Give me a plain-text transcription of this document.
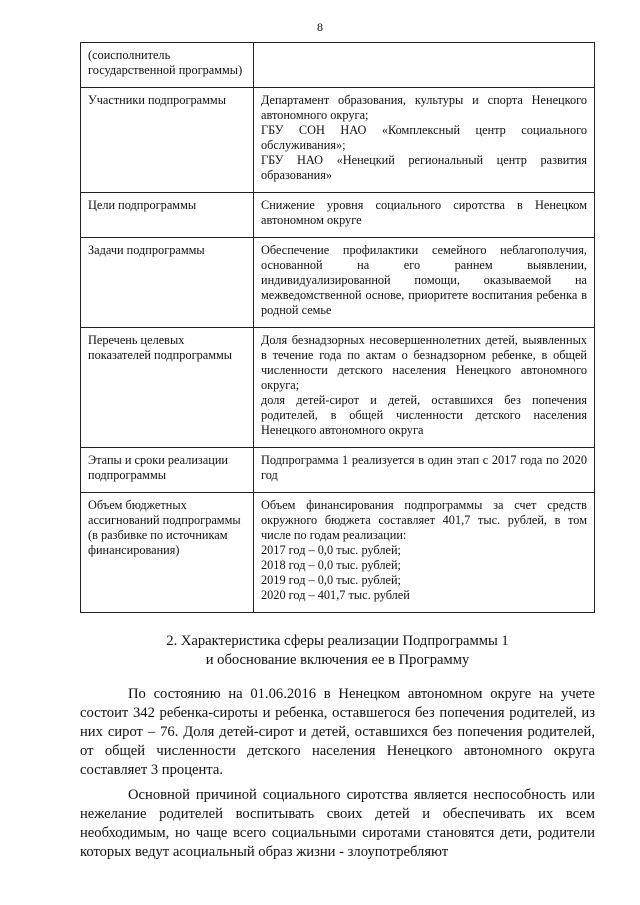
8
(соисполнитель государственной программы)	
Участники подпрограммы	Департамент образования, культуры и спорта Ненецкого автономного округа;
ГБУ СОН НАО «Комплексный центр социального обслуживания»;
ГБУ НАО «Ненецкий региональный центр развития образования»

Цели подпрограммы	Снижение уровня социального сиротства в Ненецком автономном округе

Задачи подпрограммы	Обеспечение профилактики семейного неблагополучия, основанной на его раннем выявлении, индивидуализированной помощи, оказываемой на межведомственной основе, приоритете воспитания ребенка в родной семье

Перечень целевых показателей подпрограммы	Доля безнадзорных несовершеннолетних детей, выявленных в течение года по актам о безнадзорном ребенке, в общей численности детского населения Ненецкого автономного округа;
доля детей-сирот и детей, оставшихся без попечения родителей, в общей численности детского населения Ненецкого автономного округа

Этапы и сроки реализации подпрограммы	Подпрограмма 1 реализуется в один этап с 2017 года по 2020 год

Объем бюджетных ассигнований подпрограммы (в разбивке по источникам финансирования)	Объем финансирования подпрограммы за счет средств окружного бюджета составляет 401,7 тыс. рублей, в том числе по годам реализации:
2017 год – 0,0 тыс. рублей;
2018 год – 0,0 тыс. рублей;
2019 год – 0,0 тыс. рублей;
2020 год – 401,7 тыс. рублей
2. Характеристика сферы реализации Подпрограммы 1
и обоснование включения ее в Программу

По состоянию на 01.06.2016 в Ненецком автономном округе на учете состоит 342 ребенка-сироты и ребенка, оставшегося без попечения родителей, из них сирот – 76. Доля детей-сирот и детей, оставшихся без попечения родителей, от общей численности детского населения Ненецкого автономного округа составляет 3 процента.

Основной причиной социального сиротства является неспособность или нежелание родителей воспитывать своих детей и обеспечивать их всем необходимым, но чаще всего социальными сиротами становятся дети, родители которых ведут асоциальный образ жизни - злоупотребляют
